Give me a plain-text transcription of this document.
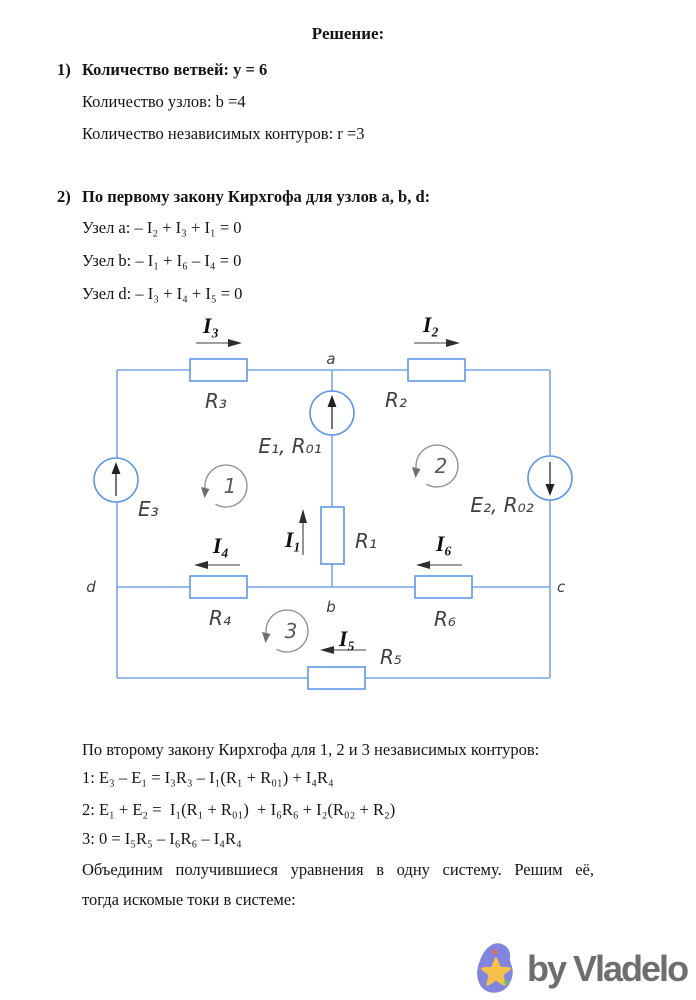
Решение:
1) Количество ветвей: y = 6
Количество узлов: b =4
Количество независимых контуров: r =3
2) По первому закону Кирхгофа для узлов a, b, d:
Узел a: – I₂ + I₃ + I₁ = 0
Узел b: – I₁ + I₆ – I₄ = 0
Узел d: – I₃ + I₄ + I₅ = 0
1
2
3
I₃	I₂
I₁
I₄	I₆
I₅
R₃	R₂
R₁
R₄	R₆
R₅
E₃
E₁, R₀₁
E₂, R₀₂
a
b
c
d
По второму закону Кирхгофа для 1, 2 и 3 независимых контуров:
1: E₃ – E₁ = I₃R₃ – I₁(R₁ + R₀₁) + I₄R₄
2: E₁ + E₂ =  I₁(R₁ + R₀₁)  + I₆R₆ + I₂(R₀₂ + R₂)
3: 0 = I₅R₅ – I₆R₆ – I₄R₄
Объединим получившиеся уравнения в одну систему. Решим её,
тогда искомые токи в системе:
by Vladelo
